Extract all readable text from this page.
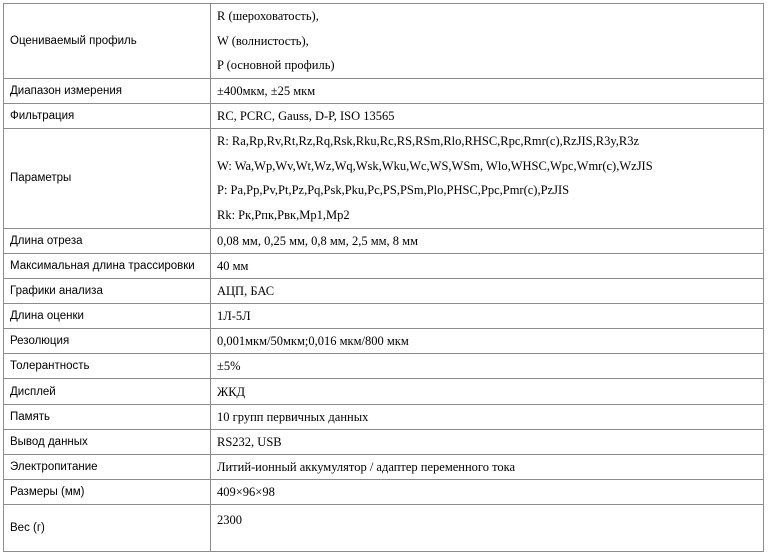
Оцениваемый профиль	R (шероховатость),
W (волнистость),
P (основной профиль)

Диапазон измерения	±400мкм, ±25 мкм
Фильтрация	RC, PCRC, Gauss, D-P, ISO 13565
Параметры	R: Ra,Rp,Rv,Rt,Rz,Rq,Rsk,Rku,Rc,RS,RSm,Rlo,RHSC,Rpc,Rmr(c),RzJIS,R3y,R3z
W: Wa,Wp,Wv,Wt,Wz,Wq,Wsk,Wku,Wc,WS,WSm, Wlo,WHSC,Wpc,Wmr(c),WzJIS
P: Pa,Pp,Pv,Pt,Pz,Pq,Psk,Pku,Pc,PS,PSm,Plo,PHSC,Ppc,Pmr(c),PzJIS
Rk: Рк,Рпк,Рвк,Мр1,Мр2

Длина отреза	0,08 мм, 0,25 мм, 0,8 мм, 2,5 мм, 8 мм
Максимальная длина трассировки	40 мм
Графики анализа	АЦП, БАС
Длина оценки	1Л-5Л
Резолюция	0,001мкм/50мкм;0,016 мкм/800 мкм
Толерантность	±5%
Дисплей	ЖКД
Память	10 групп первичных данных
Вывод данных	RS232, USB
Электропитание	Литий-ионный аккумулятор / адаптер переменного тока
Размеры (мм)	409×96×98
Вес (г)	2300
